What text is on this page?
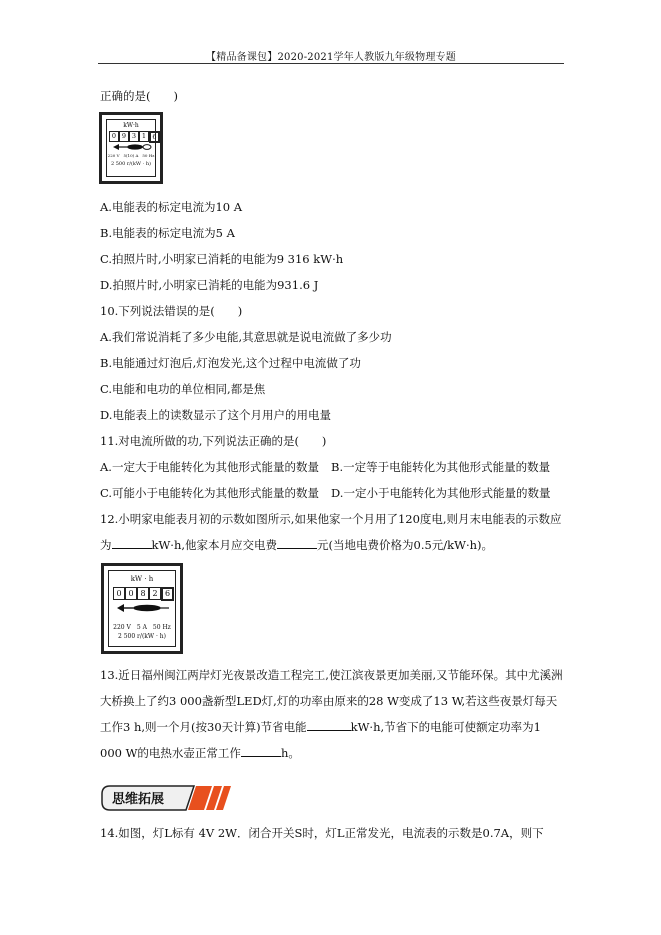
【精品备课包】2020-2021学年人教版九年级物理专题
正确的是(　　)
kW·h
0 9 3 1 6
220 V　5(10) A　50 Hz
2 500 r/(kW · h)
A.电能表的标定电流为10 A
B.电能表的标定电流为5 A
C.拍照片时,小明家已消耗的电能为9 316 kW·h
D.拍照片时,小明家已消耗的电能为931.6 J
10.下列说法错误的是(　　)
A.我们常说消耗了多少电能,其意思就是说电流做了多少功
B.电能通过灯泡后,灯泡发光,这个过程中电流做了功
C.电能和电功的单位相同,都是焦
D.电能表上的读数显示了这个月用户的用电量
11.对电流所做的功,下列说法正确的是(　　)
A.一定大于电能转化为其他形式能量的数量 B.一定等于电能转化为其他形式能量的数量
C.可能小于电能转化为其他形式能量的数量 D.一定小于电能转化为其他形式能量的数量
12.小明家电能表月初的示数如图所示,如果他家一个月用了120度电,则月末电能表的示数应
为	kW·h,他家本月应交电费	元(当地电费价格为0.5元/kW·h)。
kW · h
0 0 8 2 6
220 V　5 A　50 Hz
2 500 r/(kW · h)
13.近日福州闽江两岸灯光夜景改造工程完工,使江滨夜景更加美丽,又节能环保。其中尤溪洲
大桥换上了约3 000盏新型LED灯,灯的功率由原来的28 W变成了13 W,若这些夜景灯每天
工作3 h,则一个月(按30天计算)节省电能	kW·h,节省下的电能可使额定功率为1
000 W的电热水壶正常工作	h。
思维拓展
14.如图，灯L标有 4V 2W．闭合开关S时，灯L正常发光，电流表的示数是0.7A，则下
